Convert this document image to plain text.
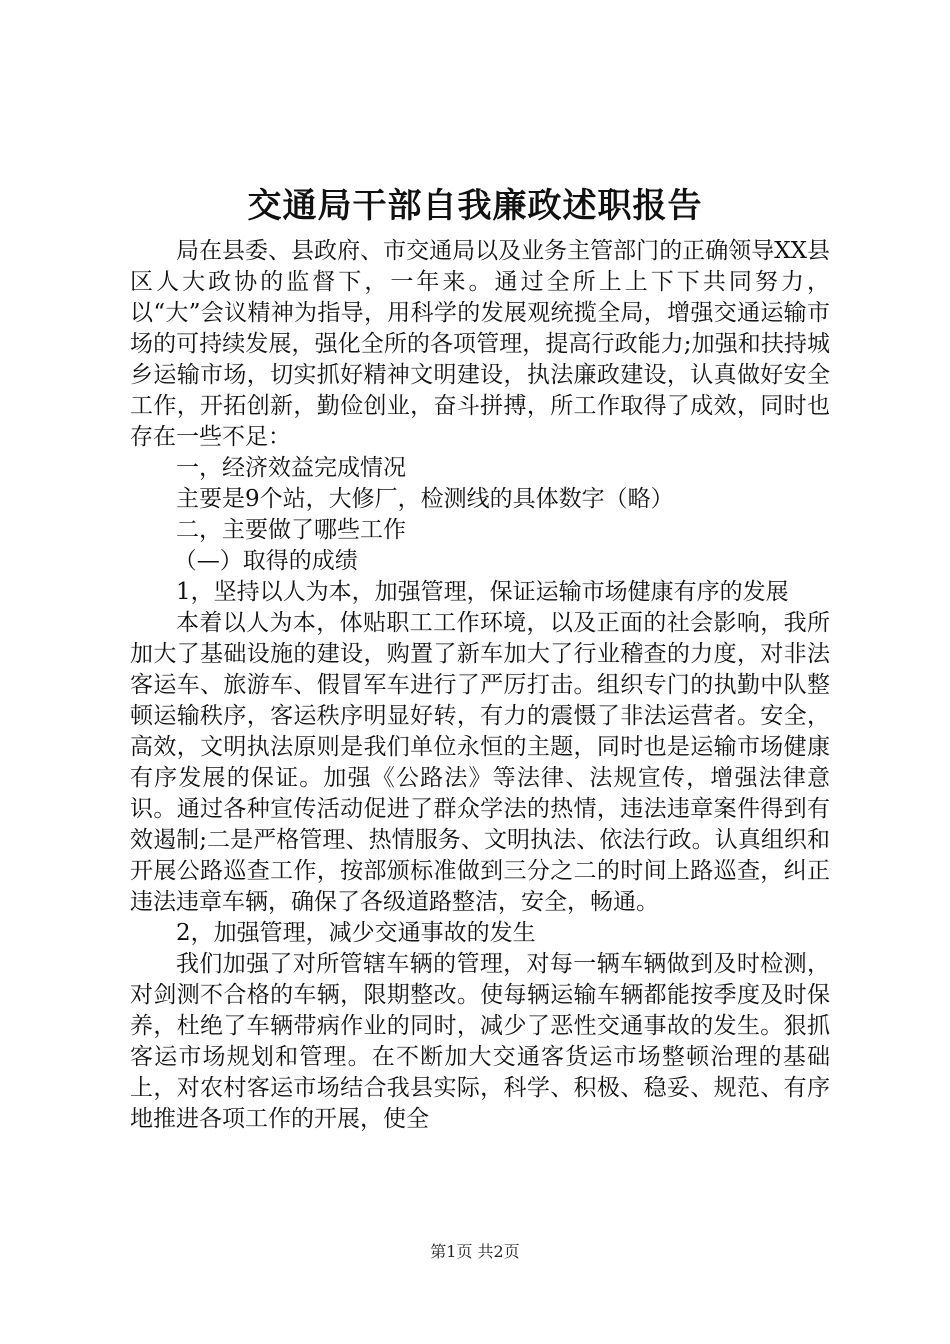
交通局干部自我廉政述职报告

局在县委、县政府、市交通局以及业务主管部门的正确领导XX县区人大政协的监督下，一年来。通过全所上上下下共同努力，以“大”会议精神为指导，用科学的发展观统揽全局，增强交通运输市场的可持续发展，强化全所的各项管理，提高行政能力;加强和扶持城乡运输市场，切实抓好精神文明建设，执法廉政建设，认真做好安全工作，开拓创新，勤俭创业，奋斗拼搏，所工作取得了成效，同时也存在一些不足：

一，经济效益完成情况

主要是9个站，大修厂，检测线的具体数字（略）

二，主要做了哪些工作

（—）取得的成绩

1，坚持以人为本，加强管理，保证运输市场健康有序的发展

本着以人为本，体贴职工工作环境，以及正面的社会影响，我所加大了基础设施的建设，购置了新车加大了行业稽查的力度，对非法客运车、旅游车、假冒军车进行了严厉打击。组织专门的执勤中队整顿运输秩序，客运秩序明显好转，有力的震慑了非法运营者。安全，高效，文明执法原则是我们单位永恒的主题，同时也是运输市场健康有序发展的保证。加强《公路法》等法律、法规宣传，增强法律意识。通过各种宣传活动促进了群众学法的热情，违法违章案件得到有效遏制;二是严格管理、热情服务、文明执法、依法行政。认真组织和开展公路巡查工作，按部颁标准做到三分之二的时间上路巡查，纠正违法违章车辆，确保了各级道路整洁，安全，畅通。

2，加强管理，减少交通事故的发生

我们加强了对所管辖车辆的管理，对每一辆车辆做到及时检测，对剑测不合格的车辆，限期整改。使每辆运输车辆都能按季度及时保养，杜绝了车辆带病作业的同时，减少了恶性交通事故的发生。狠抓客运市场规划和管理。在不断加大交通客货运市场整顿治理的基础上，对农村客运市场结合我县实际，科学、积极、稳妥、规范、有序地推进各项工作的开展，使全

第1页 共2页
